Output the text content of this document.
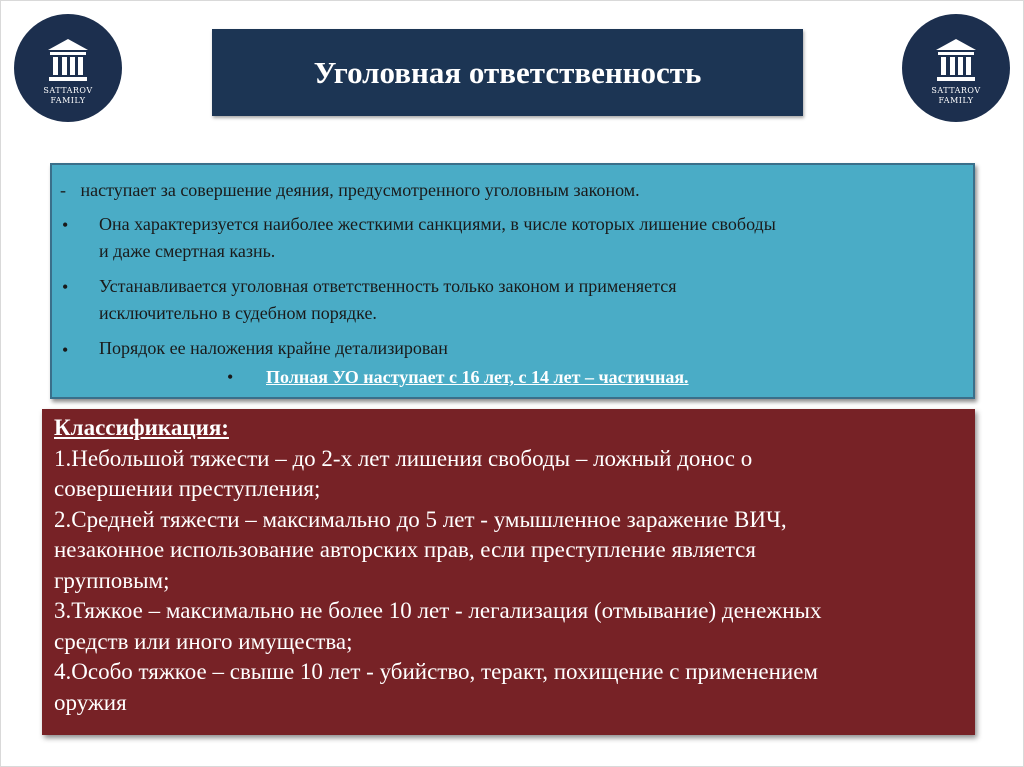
SATTAROV
FAMILY
SATTAROV
FAMILY
Уголовная ответственность
- наступает за совершение деяния, предусмотренного уголовным законом.
• Она характеризуется наиболее жесткими санкциями, в числе которых лишение свободы
и даже смертная казнь.
• Устанавливается уголовная ответственность только законом и применяется
исключительно в судебном порядке.
• Порядок ее наложения крайне детализирован
• Полная УО наступает с 16 лет, с 14 лет – частичная.
Классификация:
1.Небольшой тяжести – до 2-х лет лишения свободы – ложный донос о
совершении преступления;
2.Средней тяжести – максимально до 5 лет - умышленное заражение ВИЧ,
незаконное использование авторских прав, если преступление является
групповым;
3.Тяжкое – максимально не более 10 лет - легализация (отмывание) денежных
средств или иного имущества;
4.Особо тяжкое – свыше 10 лет - убийство, теракт, похищение с применением
оружия
